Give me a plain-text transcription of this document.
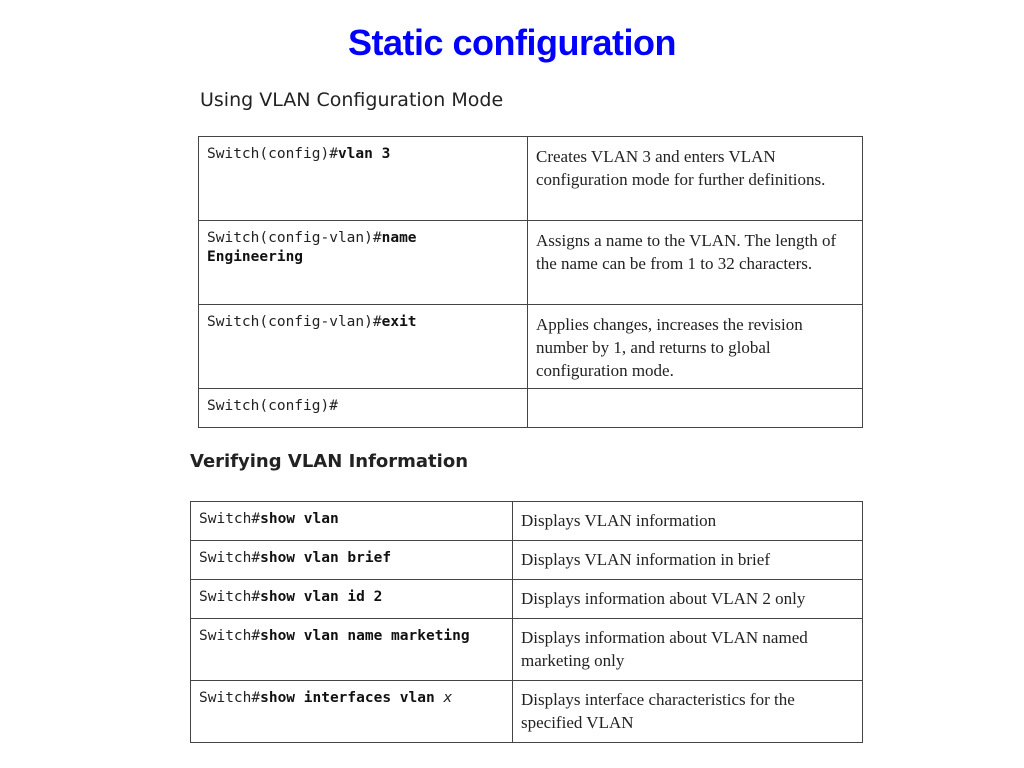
Static configuration
Using VLAN Configuration Mode
Switch(config)#vlan 3	Creates VLAN 3 and enters VLAN configuration mode for further definitions.

Switch(config-vlan)#name Engineering	Assigns a name to the VLAN. The length of the name can be from 1 to 32 characters.

Switch(config-vlan)#exit	Applies changes, increases the revision number by 1, and returns to global configuration mode.

Switch(config)#	

Verifying VLAN Information
Switch#show vlan	Displays VLAN information

Switch#show vlan brief	Displays VLAN information in brief

Switch#show vlan id 2	Displays information about VLAN 2 only

Switch#show vlan name marketing	Displays information about VLAN named marketing only

Switch#show interfaces vlan x	Displays interface characteristics for the specified VLAN
